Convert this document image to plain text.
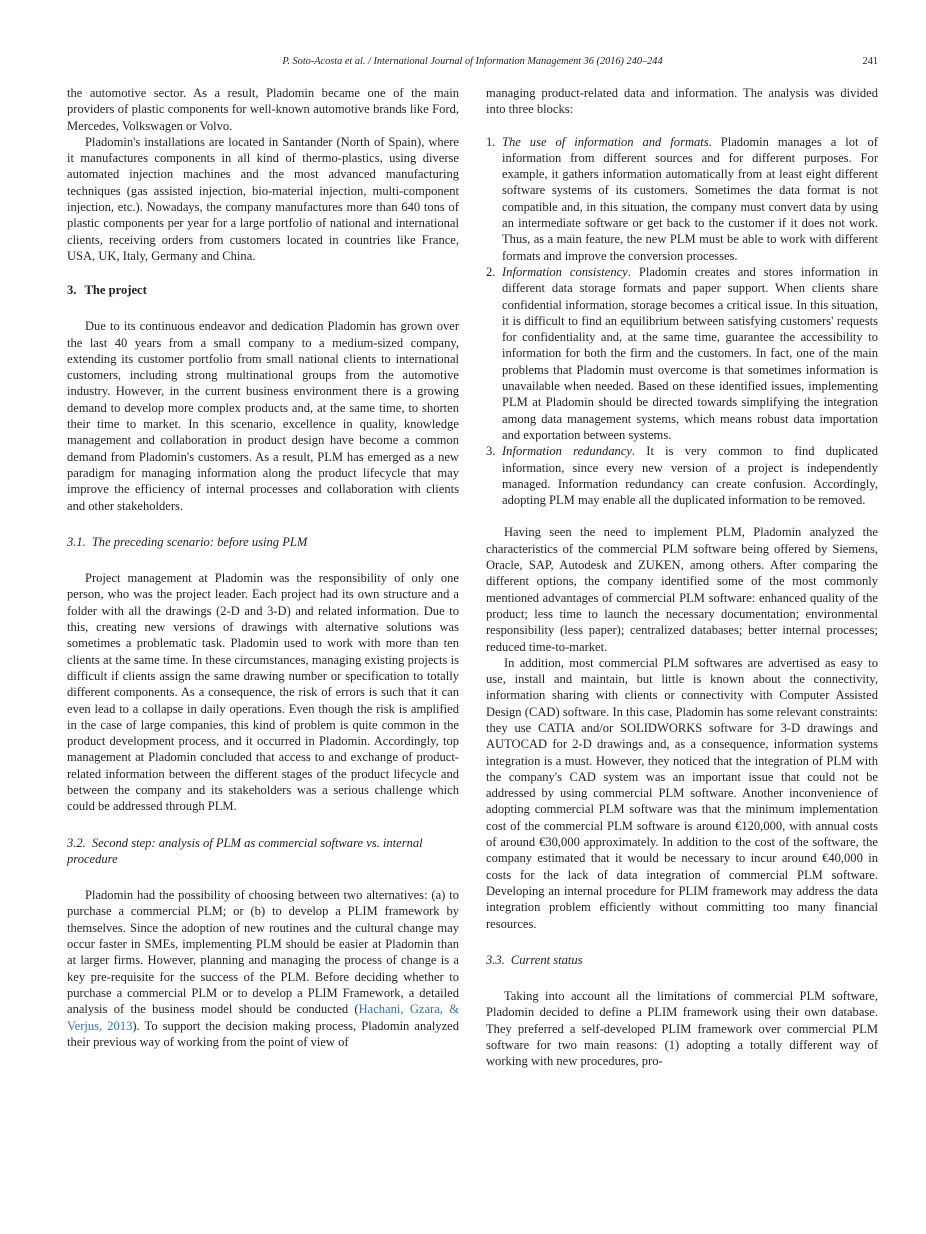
P. Soto-Acosta et al. / International Journal of Information Management 36 (2016) 240–244	241

the automotive sector. As a result, Pladomin became one of the main providers of plastic components for well-known automotive brands like Ford, Mercedes, Volkswagen or Volvo.

Pladomin's installations are located in Santander (North of Spain), where it manufactures components in all kind of thermo-plastics, using diverse automated injection machines and the most advanced manufacturing techniques (gas assisted injection, bio-material injection, multi-component injection, etc.). Nowadays, the company manufactures more than 640 tons of plastic components per year for a large portfolio of national and international clients, receiving orders from customers located in countries like France, USA, UK, Italy, Germany and China.

3. The project

Due to its continuous endeavor and dedication Pladomin has grown over the last 40 years from a small company to a medium-sized company, extending its customer portfolio from small national clients to international customers, including strong multinational groups from the automotive industry. However, in the current business environment there is a growing demand to develop more complex products and, at the same time, to shorten their time to market. In this scenario, excellence in quality, knowledge management and collaboration in product design have become a common demand from Pladomin's customers. As a result, PLM has emerged as a new paradigm for managing information along the product lifecycle that may improve the efficiency of internal processes and collaboration with clients and other stakeholders.

3.1. The preceding scenario: before using PLM

Project management at Pladomin was the responsibility of only one person, who was the project leader. Each project had its own structure and a folder with all the drawings (2-D and 3-D) and related information. Due to this, creating new versions of drawings with alternative solutions was sometimes a problematic task. Pladomin used to work with more than ten clients at the same time. In these circumstances, managing existing projects is difficult if clients assign the same drawing number or specification to totally different components. As a consequence, the risk of errors is such that it can even lead to a collapse in daily operations. Even though the risk is amplified in the case of large companies, this kind of problem is quite common in the product development process, and it occurred in Pladomin. Accordingly, top management at Pladomin concluded that access to and exchange of product-related information between the different stages of the product lifecycle and between the company and its stakeholders was a serious challenge which could be addressed through PLM.

3.2. Second step: analysis of PLM as commercial software vs. internal procedure

Pladomin had the possibility of choosing between two alternatives: (a) to purchase a commercial PLM; or (b) to develop a PLIM framework by themselves. Since the adoption of new routines and the cultural change may occur faster in SMEs, implementing PLM should be easier at Pladomin than at larger firms. However, planning and managing the process of change is a key pre-requisite for the success of the PLM. Before deciding whether to purchase a commercial PLM or to develop a PLIM Framework, a detailed analysis of the business model should be conducted (Hachani, Gzara, & Verjus, 2013). To support the decision making process, Pladomin analyzed their previous way of working from the point of view of

managing product-related data and information. The analysis was divided into three blocks:

1. The use of information and formats. Pladomin manages a lot of information from different sources and for different purposes. For example, it gathers information automatically from at least eight different software systems of its customers. Sometimes the data format is not compatible and, in this situation, the company must convert data by using an intermediate software or get back to the customer if it does not work. Thus, as a main feature, the new PLM must be able to work with different formats and improve the conversion processes.
2. Information consistency. Pladomin creates and stores information in different data storage formats and paper support. When clients share confidential information, storage becomes a critical issue. In this situation, it is difficult to find an equilibrium between satisfying customers' requests for confidentiality and, at the same time, guarantee the accessibility to information for both the firm and the customers. In fact, one of the main problems that Pladomin must overcome is that sometimes information is unavailable when needed. Based on these identified issues, implementing PLM at Pladomin should be directed towards simplifying the integration among data management systems, which means robust data importation and exportation between systems.
3. Information redundancy. It is very common to find duplicated information, since every new version of a project is independently managed. Information redundancy can create confusion. Accordingly, adopting PLM may enable all the duplicated information to be removed.

Having seen the need to implement PLM, Pladomin analyzed the characteristics of the commercial PLM software being offered by Siemens, Oracle, SAP, Autodesk and ZUKEN, among others. After comparing the different options, the company identified some of the most commonly mentioned advantages of commercial PLM software: enhanced quality of the product; less time to launch the necessary documentation; environmental responsibility (less paper); centralized databases; better internal processes; reduced time-to-market.

In addition, most commercial PLM softwares are advertised as easy to use, install and maintain, but little is known about the connectivity, information sharing with clients or connectivity with Computer Assisted Design (CAD) software. In this case, Pladomin has some relevant constraints: they use CATIA and/or SOLIDWORKS software for 3-D drawings and AUTOCAD for 2-D drawings and, as a consequence, information systems integration is a must. However, they noticed that the integration of PLM with the company's CAD system was an important issue that could not be addressed by using commercial PLM software. Another inconvenience of adopting commercial PLM software was that the minimum implementation cost of the commercial PLM software is around €120,000, with annual costs of around €30,000 approximately. In addition to the cost of the software, the company estimated that it would be necessary to incur around €40,000 in costs for the lack of data integration of commercial PLM software. Developing an internal procedure for PLIM framework may address the data integration problem efficiently without committing too many financial resources.

3.3. Current status

Taking into account all the limitations of commercial PLM software, Pladomin decided to define a PLIM framework using their own database. They preferred a self-developed PLIM framework over commercial PLM software for two main reasons: (1) adopting a totally different way of working with new procedures, pro-
